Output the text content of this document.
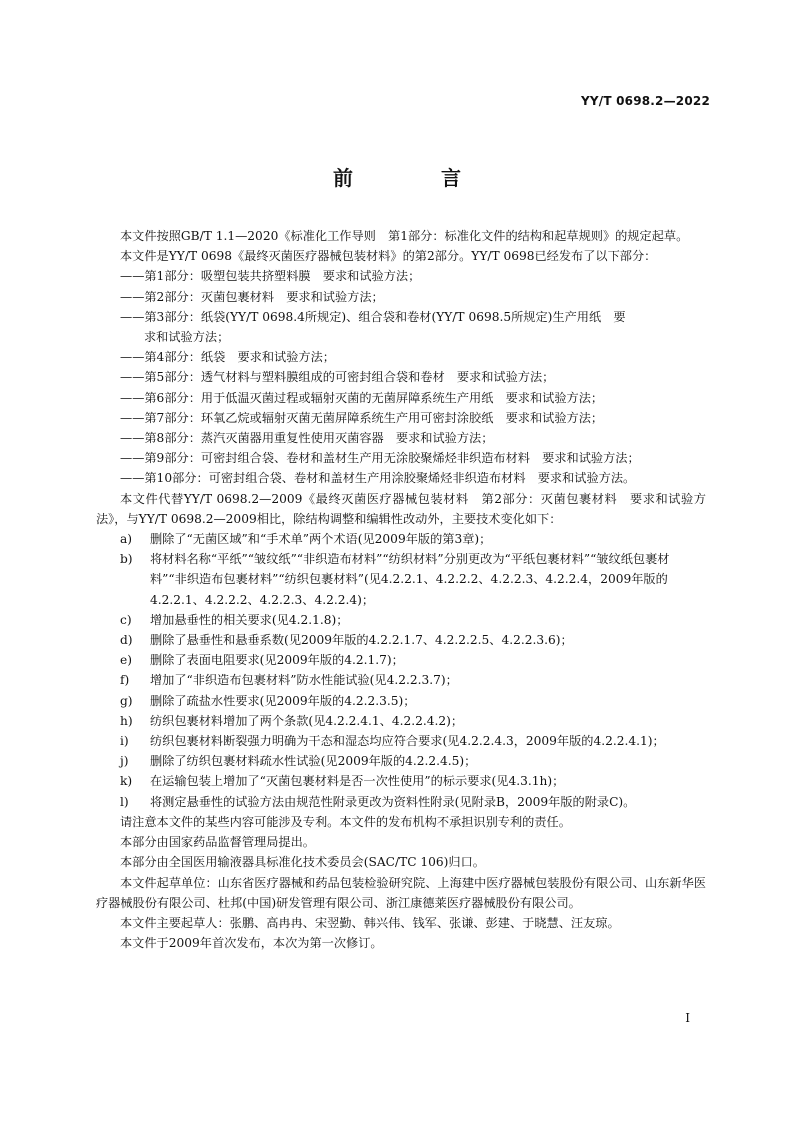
YY/T 0698.2—2022
前　言

本文件按照GB/T 1.1—2020《标准化工作导则　第1部分：标准化文件的结构和起草规则》的规定起草。

本文件是YY/T 0698《最终灭菌医疗器械包装材料》的第2部分。YY/T 0698已经发布了以下部分：

——第1部分：吸塑包装共挤塑料膜　要求和试验方法；
——第2部分：灭菌包裹材料　要求和试验方法；
——第3部分：纸袋(YY/T 0698.4所规定)、组合袋和卷材(YY/T 0698.5所规定)生产用纸　要
求和试验方法；
——第4部分：纸袋　要求和试验方法；
——第5部分：透气材料与塑料膜组成的可密封组合袋和卷材　要求和试验方法；
——第6部分：用于低温灭菌过程或辐射灭菌的无菌屏障系统生产用纸　要求和试验方法；
——第7部分：环氧乙烷或辐射灭菌无菌屏障系统生产用可密封涂胶纸　要求和试验方法；
——第8部分：蒸汽灭菌器用重复性使用灭菌容器　要求和试验方法；
——第9部分：可密封组合袋、卷材和盖材生产用无涂胶聚烯烃非织造布材料　要求和试验方法；
——第10部分：可密封组合袋、卷材和盖材生产用涂胶聚烯烃非织造布材料　要求和试验方法。

本文件代替YY/T 0698.2—2009《最终灭菌医疗器械包装材料　第2部分：灭菌包裹材料　要求和试验方法》，与YY/T 0698.2—2009相比，除结构调整和编辑性改动外，主要技术变化如下：

a)	删除了“无菌区域”和“手术单”两个术语(见2009年版的第3章)；
b)	将材料名称“平纸”“皱纹纸”“非织造布材料”“纺织材料”分别更改为“平纸包裹材料”“皱纹纸包裹材料”“非织造布包裹材料”“纺织包裹材料”(见4.2.2.1、4.2.2.2、4.2.2.3、4.2.2.4，2009年版的4.2.2.1、4.2.2.2、4.2.2.3、4.2.2.4)；
c)	增加悬垂性的相关要求(见4.2.1.8)；
d)	删除了悬垂性和悬垂系数(见2009年版的4.2.2.1.7、4.2.2.2.5、4.2.2.3.6)；
e)	删除了表面电阻要求(见2009年版的4.2.1.7)；
f)	增加了“非织造布包裹材料”防水性能试验(见4.2.2.3.7)；
g)	删除了疏盐水性要求(见2009年版的4.2.2.3.5)；
h)	纺织包裹材料增加了两个条款(见4.2.2.4.1、4.2.2.4.2)；
i)	纺织包裹材料断裂强力明确为干态和湿态均应符合要求(见4.2.2.4.3，2009年版的4.2.2.4.1)；
j)	删除了纺织包裹材料疏水性试验(见2009年版的4.2.2.4.5)；
k)	在运输包装上增加了“灭菌包裹材料是否一次性使用”的标示要求(见4.3.1h)；
l)	将测定悬垂性的试验方法由规范性附录更改为资料性附录(见附录B，2009年版的附录C)。

请注意本文件的某些内容可能涉及专利。本文件的发布机构不承担识别专利的责任。

本部分由国家药品监督管理局提出。

本部分由全国医用输液器具标准化技术委员会(SAC/TC 106)归口。

本文件起草单位：山东省医疗器械和药品包装检验研究院、上海建中医疗器械包装股份有限公司、山东新华医疗器械股份有限公司、杜邦(中国)研发管理有限公司、浙江康德莱医疗器械股份有限公司。

本文件主要起草人：张鹏、高冉冉、宋翌勤、韩兴伟、钱军、张谦、彭建、于晓慧、汪友琼。

本文件于2009年首次发布，本次为第一次修订。

I
